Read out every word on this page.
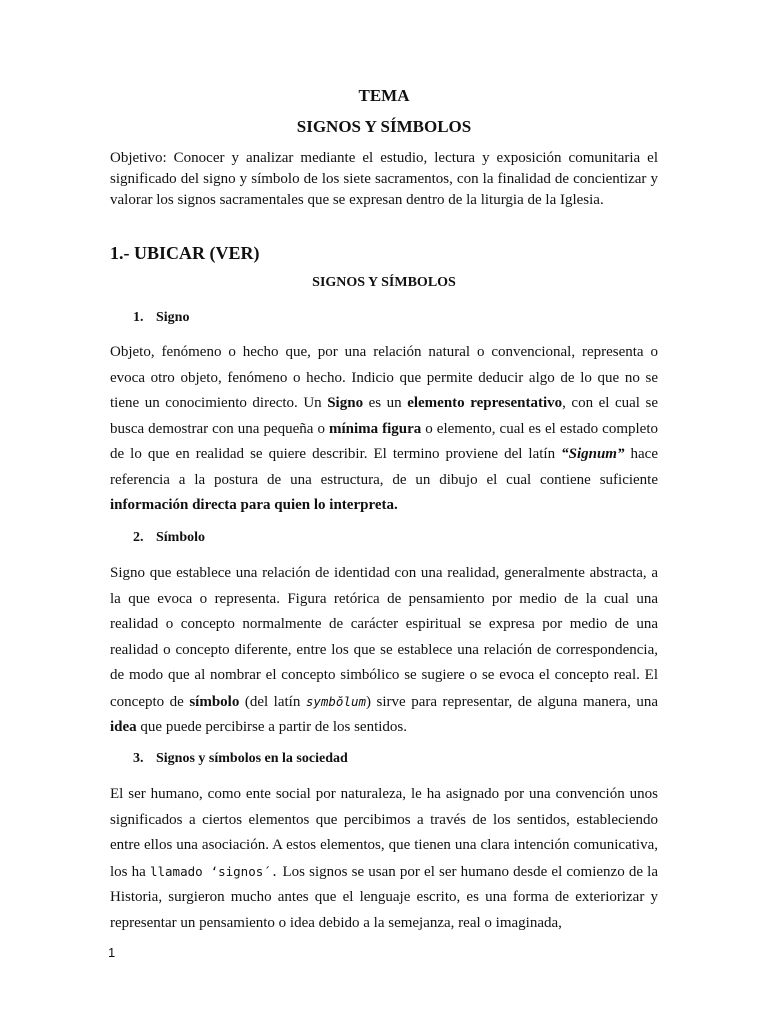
TEMA
SIGNOS Y SÍMBOLOS
Objetivo: Conocer y analizar mediante el estudio, lectura y exposición comunitaria el significado del signo y símbolo de los siete sacramentos, con la finalidad de concientizar y valorar los signos sacramentales que se expresan dentro de la liturgia de la Iglesia.
1.- UBICAR (VER)
SIGNOS Y SÍMBOLOS
1. Signo
Objeto, fenómeno o hecho que, por una relación natural o convencional, representa o evoca otro objeto, fenómeno o hecho. Indicio que permite deducir algo de lo que no se tiene un conocimiento directo. Un Signo es un elemento representativo, con el cual se busca demostrar con una pequeña o mínima figura o elemento, cual es el estado completo de lo que en realidad se quiere describir. El termino proviene del latín “Signum” hace referencia a la postura de una estructura, de un dibujo el cual contiene suficiente información directa para quien lo interpreta.
2. Símbolo
Signo que establece una relación de identidad con una realidad, generalmente abstracta, a la que evoca o representa. Figura retórica de pensamiento por medio de la cual una realidad o concepto normalmente de carácter espiritual se expresa por medio de una realidad o concepto diferente, entre los que se establece una relación de correspondencia, de modo que al nombrar el concepto simbólico se sugiere o se evoca el concepto real. El concepto de símbolo (del latín symbŏlum) sirve para representar, de alguna manera, una idea que puede percibirse a partir de los sentidos.
3. Signos y símbolos en la sociedad
El ser humano, como ente social por naturaleza, le ha asignado por una convención unos significados a ciertos elementos que percibimos a través de los sentidos, estableciendo entre ellos una asociación. A estos elementos, que tienen una clara intención comunicativa, los ha llamado ‘signos´. Los signos se usan por el ser humano desde el comienzo de la Historia, surgieron mucho antes que el lenguaje escrito, es una forma de exteriorizar y representar un pensamiento o idea debido a la semejanza, real o imaginada,
1
